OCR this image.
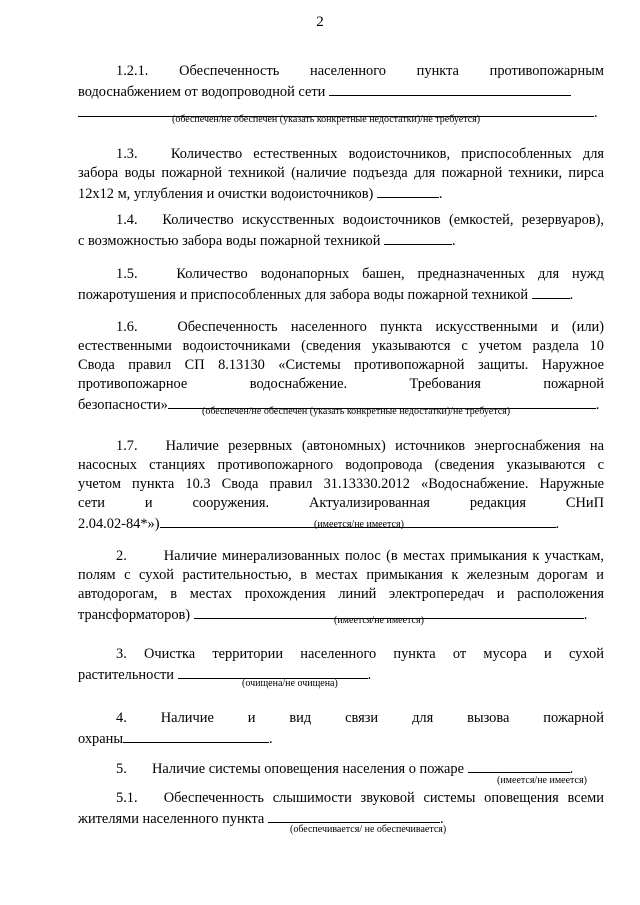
2
1.2.1. Обеспеченность населенного пункта противопожарным
водоснабжением от водопроводной сети
.
(обеспечен/не обеспечен (указать конкретные недостатки)/не требуется)
1.3. Количество естественных водоисточников, приспособленных для
забора воды пожарной техникой (наличие подъезда для пожарной техники, пирса
12х12 м, углубления и очистки водоисточников)	.
1.4. Количество искусственных водоисточников (емкостей, резервуаров),
с возможностью забора воды пожарной техникой	.
1.5.	Количество водонапорных башен, предназначенных для нужд
пожаротушения и приспособленных для забора воды пожарной техникой	.
1.6.	Обеспеченность населенного пункта искусственными и (или)
естественными водоисточниками (сведения указываются с учетом раздела 10
Свода правил СП 8.13130 «Системы противопожарной защиты. Наружное
противопожарное	водоснабжение.	Требования	пожарной
безопасности»	.
(обеспечен/не обеспечен (указать конкретные недостатки)/не требуется)
1.7. Наличие резервных (автономных) источников энергоснабжения на
насосных станциях противопожарного водопровода (сведения указываются с
учетом пункта 10.3 Свода правил 31.13330.2012 «Водоснабжение. Наружные
сети	и	сооружения.	Актуализированная	редакция	СНиП
2.04.02-84*»)	.
(имеется/не имеется)
2.	Наличие минерализованных полос (в местах примыкания к участкам,
полям с сухой растительностью, в местах примыкания к железным дорогам и
автодорогам, в местах прохождения линий электропередач и расположения
трансформаторов)	.
(имеется/не имеется)
3. Очистка территории населенного пункта от мусора и сухой
растительности	.
(очищена/не очищена)
4. Наличие и вид связи для вызова пожарной
охраны	.
5. Наличие системы оповещения населения о пожаре	.
(имеется/не имеется)
5.1. Обеспеченность слышимости звуковой системы оповещения всеми
жителями населенного пункта	.
(обеспечивается/ не обеспечивается)
